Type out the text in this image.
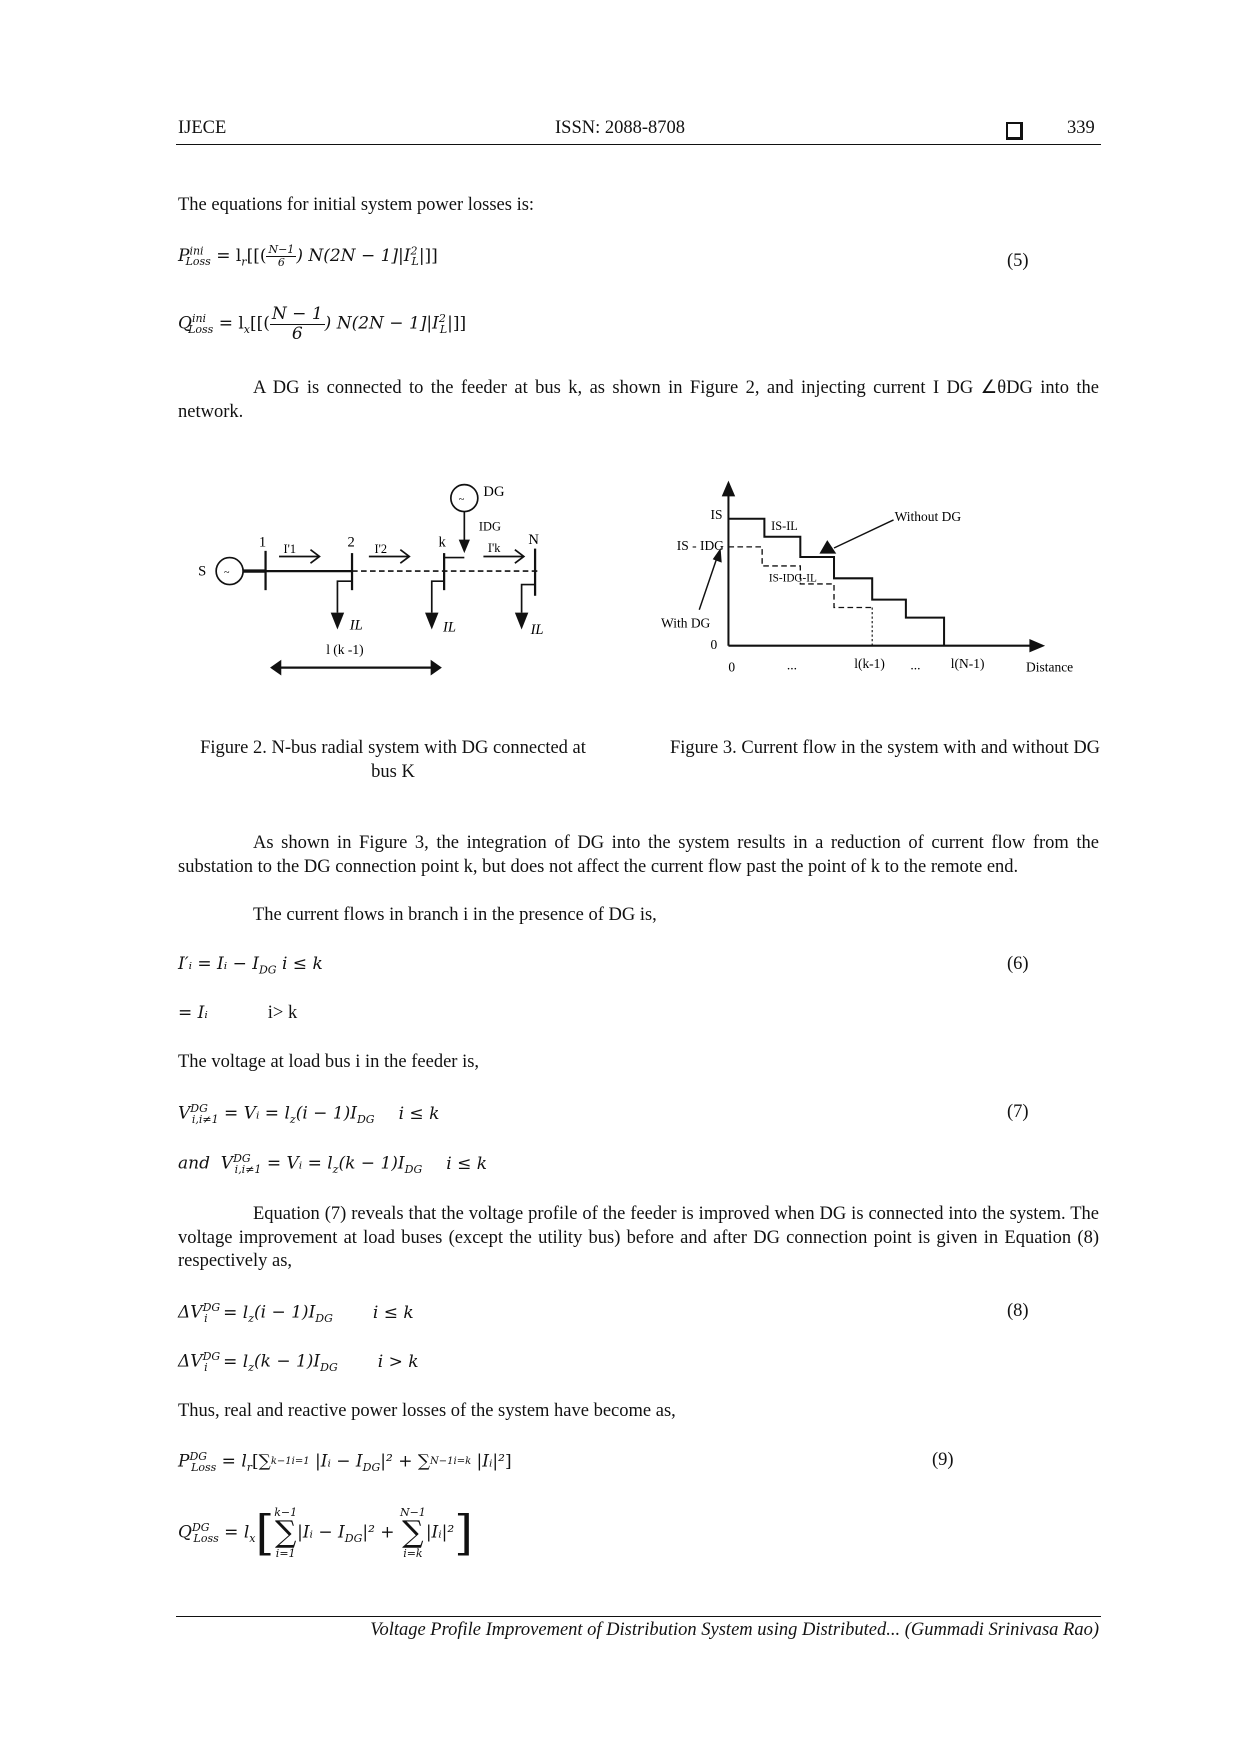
IJECE	ISSN: 2088-8708	339
The equations for initial system power losses is:
$P^{ini}_{Loss} = l_r[[( \frac{N-1}{6}$ ) $N(2N - 1]|I^2_L|$]]	(5)
$Q^{ini}_{Loss} = l_x[[( \frac{N - 1}{6}$ ) $N(2N - 1]|I^2_L|$]]
A DG is connected to the feeder at bus k, as shown in Figure 2, and injecting current I DG ∠θDG into the network.
~
~
S
1	2	k	N
DG
I'1	I'2	I'k
IDG
IL	IL	IL
l (k -1)
IS
IS - IDG
IS-IL
IS-IDG-IL
Without DG
With DG
0
0	...	l(k-1) ...	l(N-1)	Distance
Figure 2. N-bus radial system with DG connected at bus K
Figure 3. Current flow in the system with and without DG
As shown in Figure 3, the integration of DG into the system results in a reduction of current flow from the substation to the DG connection point k, but does not affect the current flow past the point of k to the remote end.
The current flows in branch i in the presence of DG is,
I′ᵢ = Iᵢ − $I_{DG}$ i ≤ k	(6)
= Iᵢ	i> k
The voltage at load bus i in the feeder is,
$V^{DG}_{i,i\ne 1}$ = Vᵢ = $l_z(i - 1)I_{DG}$ i ≤ k	(7)
and $V^{DG}_{i,i\ne 1}$ = Vᵢ = $l_z(k - 1)I_{DG}$ i ≤ k
Equation (7) reveals that the voltage profile of the feeder is improved when DG is connected into the system. The voltage improvement at load buses (except the utility bus) before and after DG connection point is given in Equation (8) respectively as,
$\Delta V^{DG}_i = l_z(i - 1)I_{DG}$ i ≤ k	(8)
$\Delta V^{DG}_i = l_z(k - 1)I_{DG}$ i > k
Thus, real and reactive power losses of the system have become as,
$P^{DG}_{Loss} = l_r[\sum k-1i=1$ |Iᵢ − $I_{DG}|^2 + \sum N-1i=k$ |Iᵢ|²]	(9)
$Q^{DG}_{Loss} = l_x[k-1$
∑
i=1|Iᵢ − $I_{DG}|^2 + N-1$
∑
i=k|Iᵢ|²]
Voltage Profile Improvement of Distribution System using Distributed... (Gummadi Srinivasa Rao)
